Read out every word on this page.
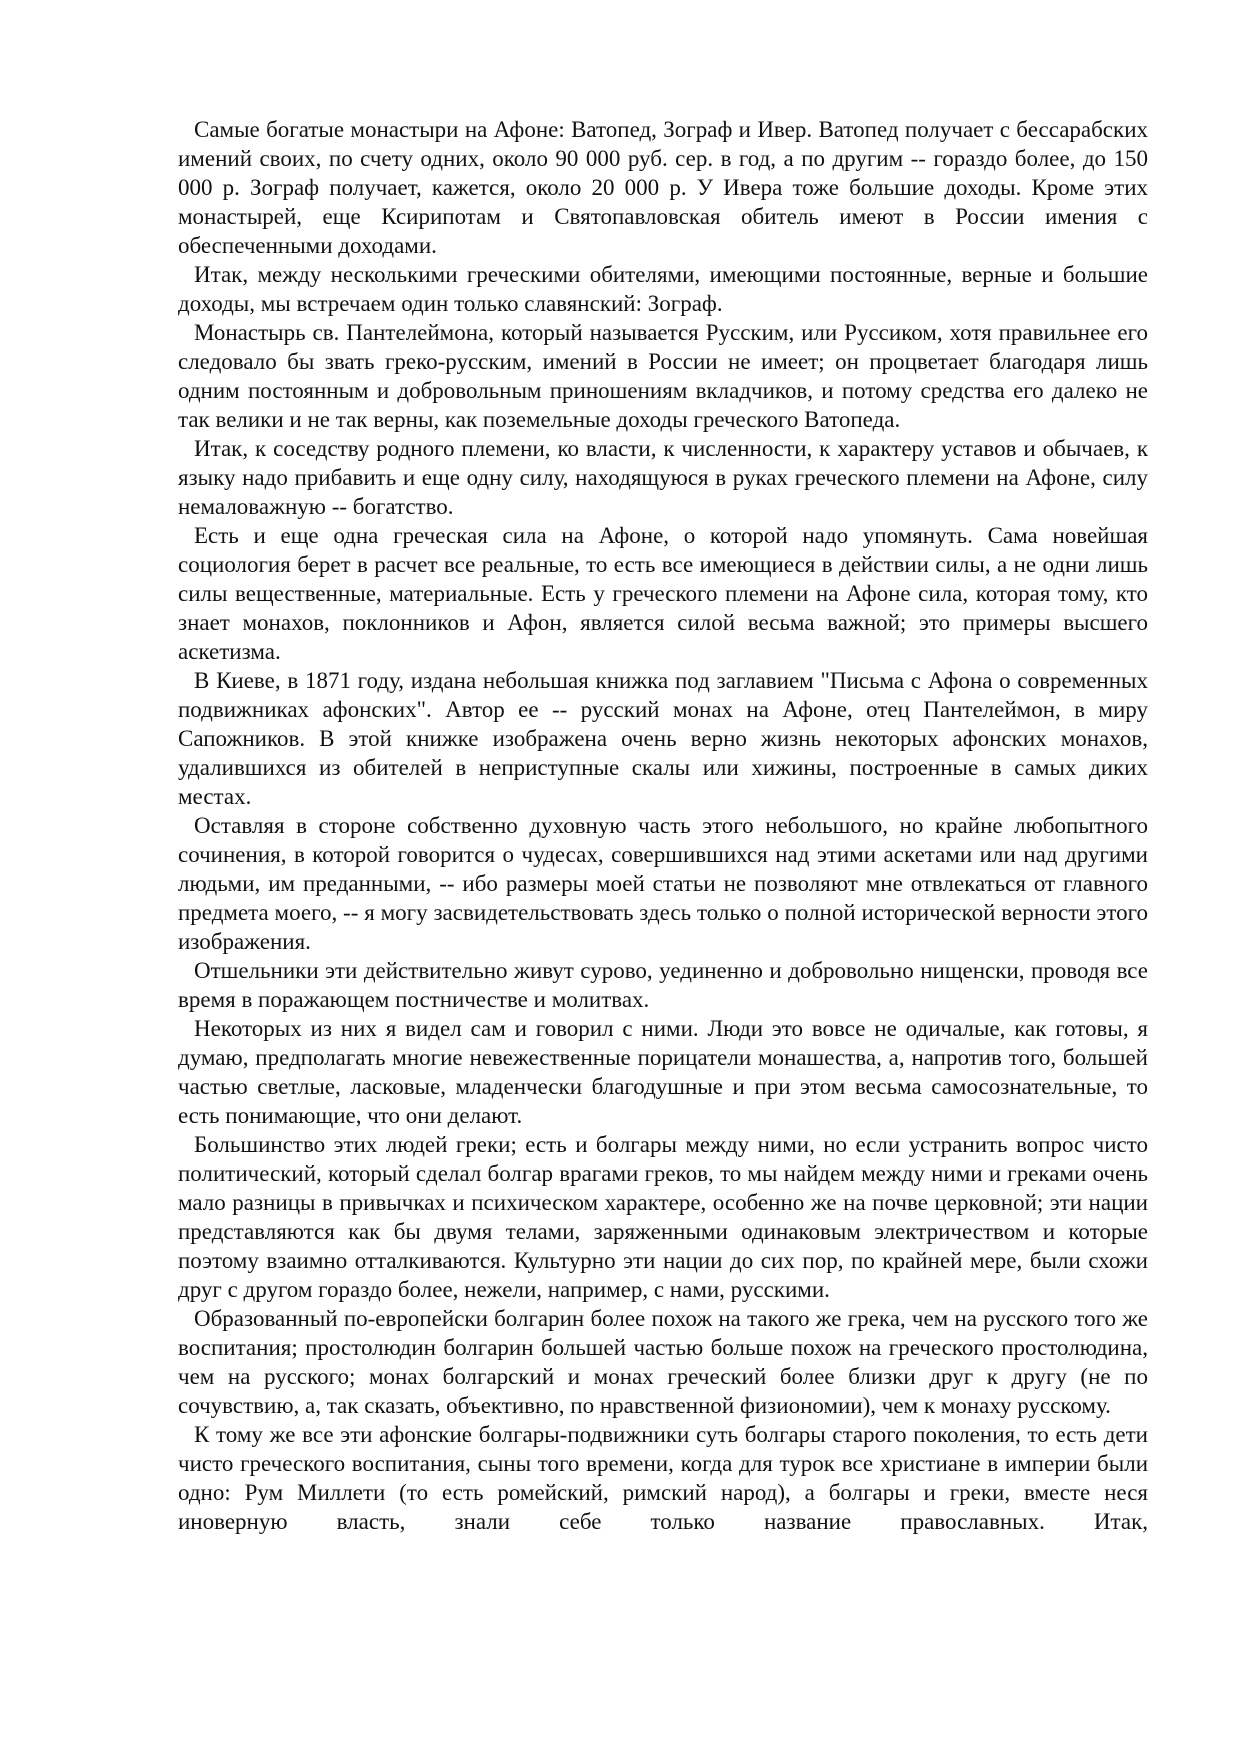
Самые богатые монастыри на Афоне: Ватопед, Зограф и Ивер. Ватопед получает с бессарабских имений своих, по счету одних, около 90 000 руб. сер. в год, а по другим -- гораздо более, до 150 000 р. Зограф получает, кажется, около 20 000 р. У Ивера тоже большие доходы. Кроме этих монастырей, еще Ксирипотам и Святопавловская обитель имеют в России имения с обеспеченными доходами.

Итак, между несколькими греческими обителями, имеющими постоянные, верные и большие доходы, мы встречаем один только славянский: Зограф.

Монастырь св. Пантелеймона, который называется Русским, или Руссиком, хотя правильнее его следовало бы звать греко-русским, имений в России не имеет; он процветает благодаря лишь одним постоянным и добровольным приношениям вкладчиков, и потому средства его далеко не так велики и не так верны, как поземельные доходы греческого Ватопеда.

Итак, к соседству родного племени, ко власти, к численности, к характеру уставов и обычаев, к языку надо прибавить и еще одну силу, находящуюся в руках греческого племени на Афоне, силу немаловажную -- богатство.

Есть и еще одна греческая сила на Афоне, о которой надо упомянуть. Сама новейшая социология берет в расчет все реальные, то есть все имеющиеся в действии силы, а не одни лишь силы вещественные, материальные. Есть у греческого племени на Афоне сила, которая тому, кто знает монахов, поклонников и Афон, является силой весьма важной; это примеры высшего аскетизма.

В Киеве, в 1871 году, издана небольшая книжка под заглавием "Письма с Афона о современных подвижниках афонских". Автор ее -- русский монах на Афоне, отец Пантелеймон, в миру Сапожников. В этой книжке изображена очень верно жизнь некоторых афонских монахов, удалившихся из обителей в неприступные скалы или хижины, построенные в самых диких местах.

Оставляя в стороне собственно духовную часть этого небольшого, но крайне любопытного сочинения, в которой говорится о чудесах, совершившихся над этими аскетами или над другими людьми, им преданными, -- ибо размеры моей статьи не позволяют мне отвлекаться от главного предмета моего, -- я могу засвидетельствовать здесь только о полной исторической верности этого изображения.

Отшельники эти действительно живут сурово, уединенно и добровольно нищенски, проводя все время в поражающем постничестве и молитвах.

Некоторых из них я видел сам и говорил с ними. Люди это вовсе не одичалые, как готовы, я думаю, предполагать многие невежественные порицатели монашества, а, напротив того, большей частью светлые, ласковые, младенчески благодушные и при этом весьма самосознательные, то есть понимающие, что они делают.

Большинство этих людей греки; есть и болгары между ними, но если устранить вопрос чисто политический, который сделал болгар врагами греков, то мы найдем между ними и греками очень мало разницы в привычках и психическом характере, особенно же на почве церковной; эти нации представляются как бы двумя телами, заряженными одинаковым электричеством и которые поэтому взаимно отталкиваются. Культурно эти нации до сих пор, по крайней мере, были схожи друг с другом гораздо более, нежели, например, с нами, русскими.

Образованный по-европейски болгарин более похож на такого же грека, чем на русского того же воспитания; простолюдин болгарин большей частью больше похож на греческого простолюдина, чем на русского; монах болгарский и монах греческий более близки друг к другу (не по сочувствию, а, так сказать, объективно, по нравственной физиономии), чем к монаху русскому.

К тому же все эти афонские болгары-подвижники суть болгары старого поколения, то есть дети чисто греческого воспитания, сыны того времени, когда для турок все христиане в империи были одно: Рум Миллети (то есть ромейский, римский народ), а болгары и греки, вместе неся иноверную власть, знали себе только название православных. Итак,
